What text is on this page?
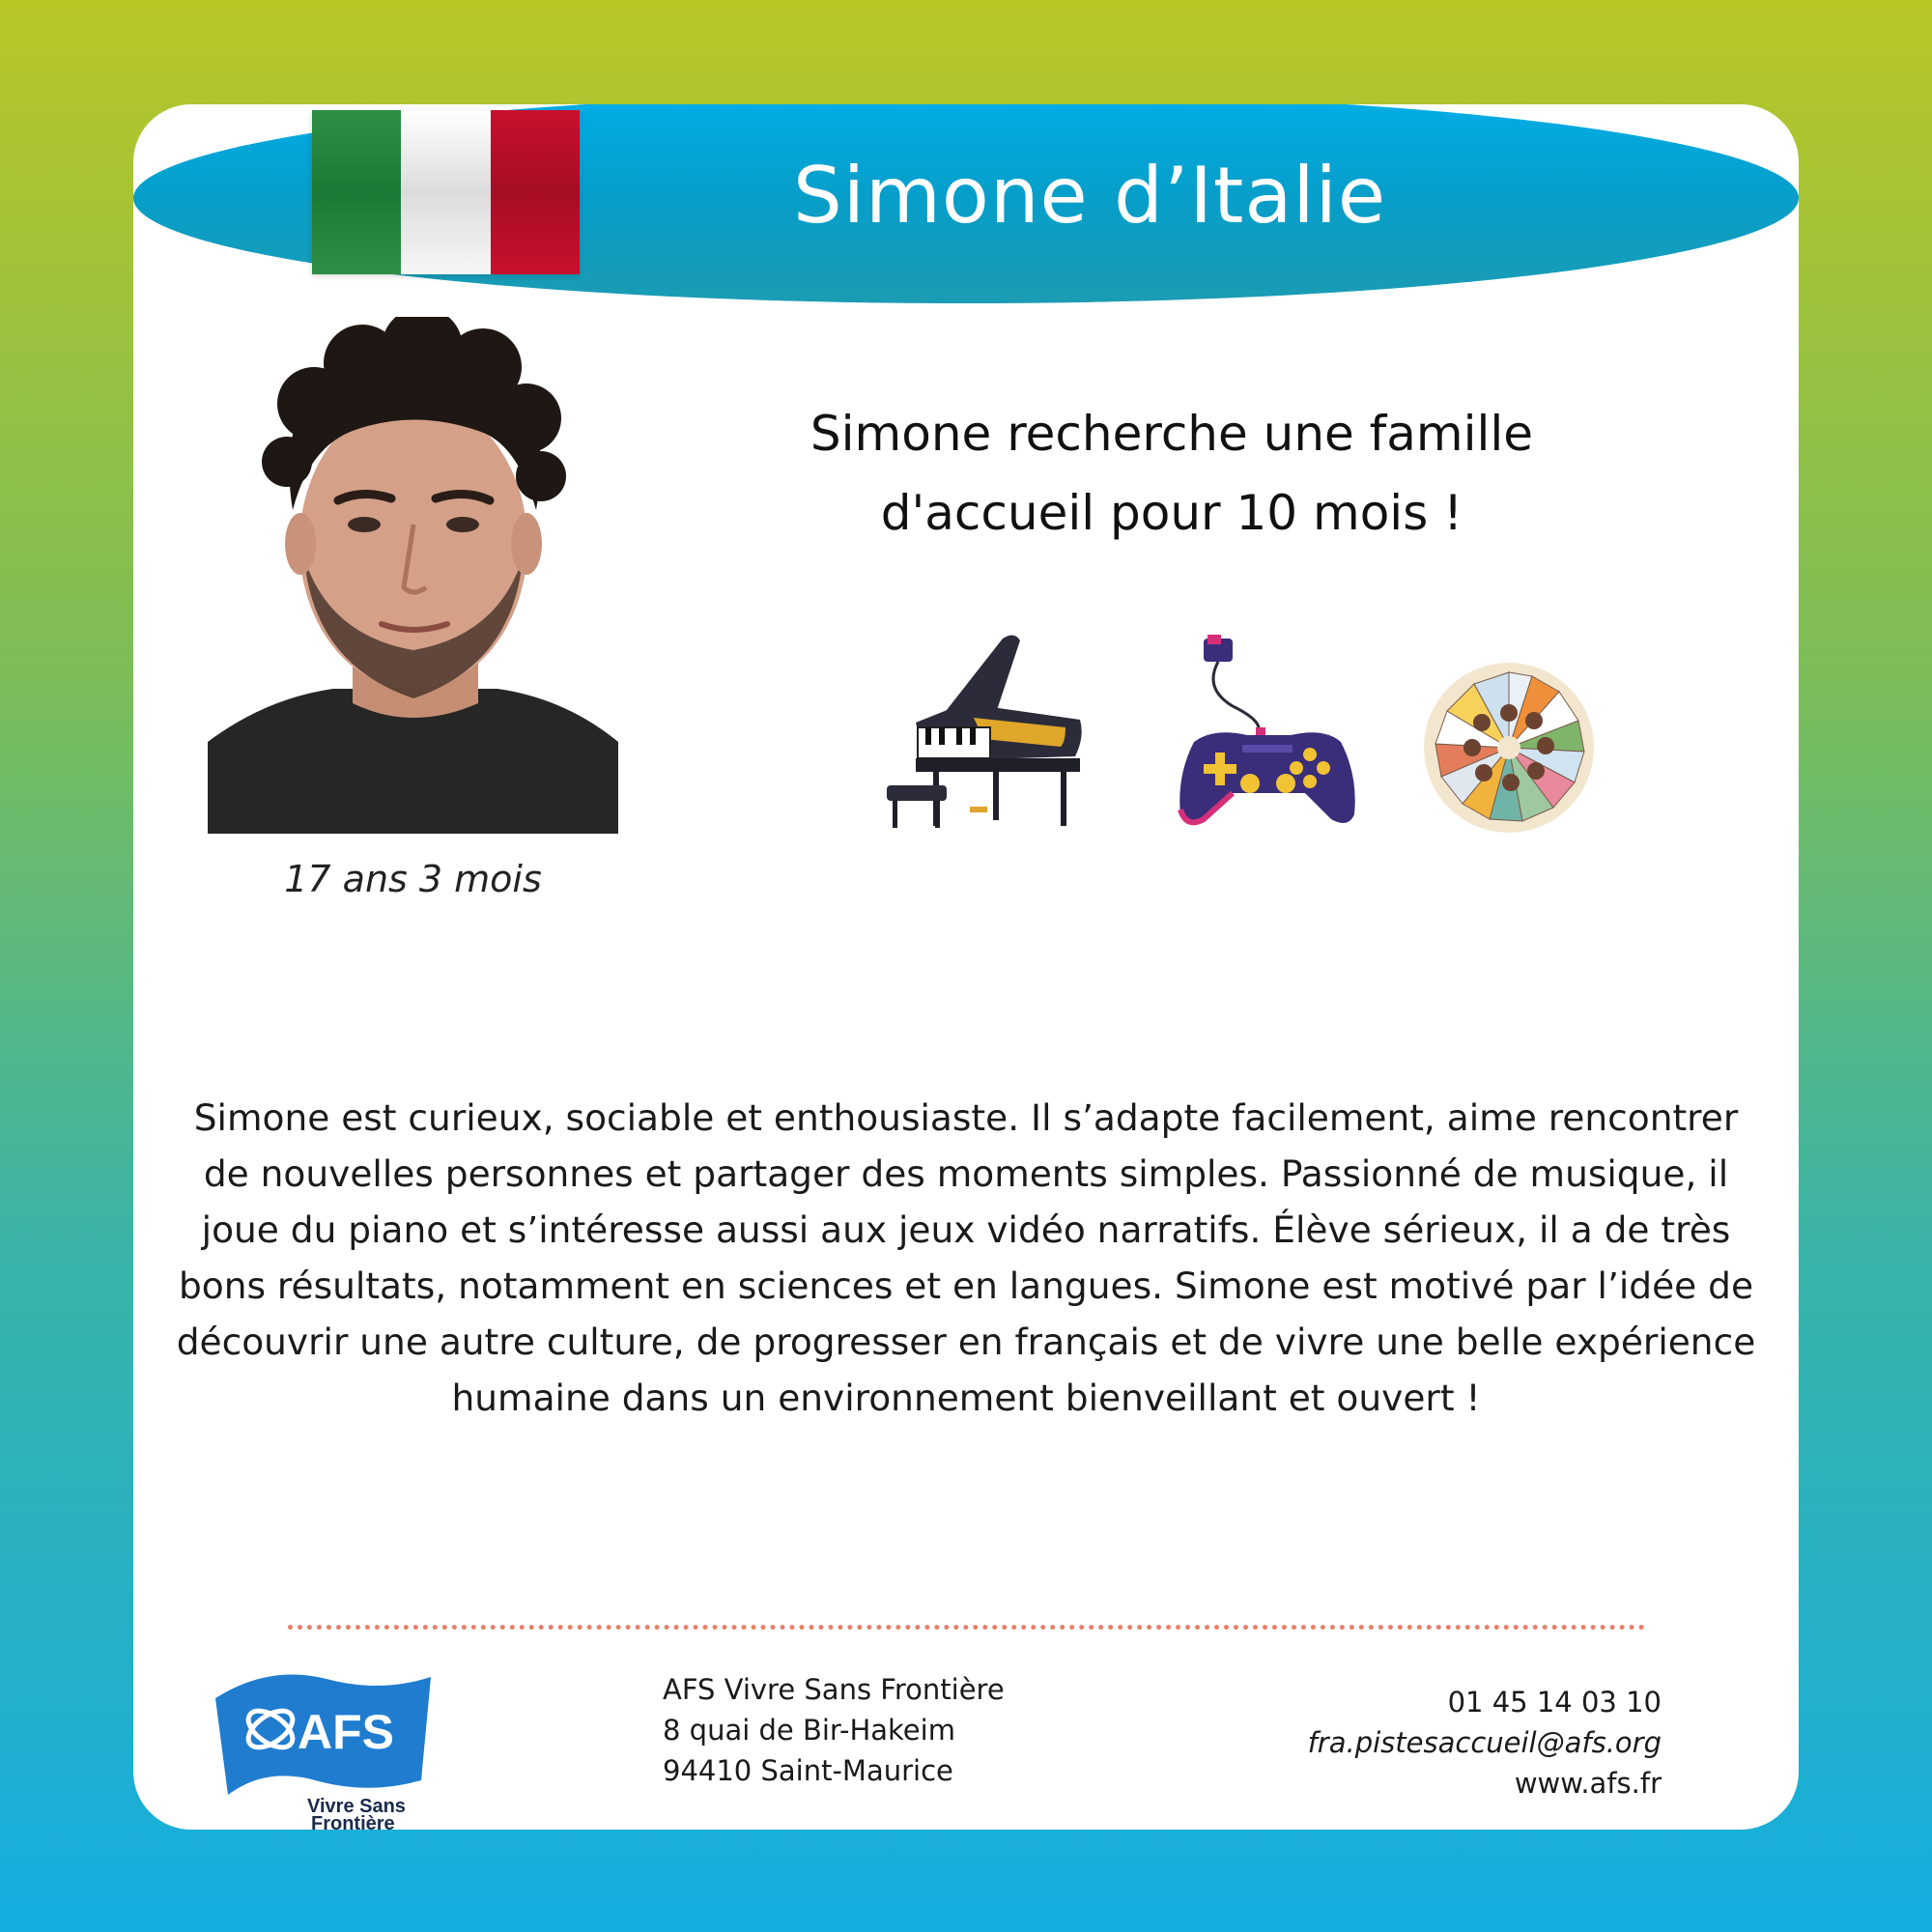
Simone d’Italie
17 ans 3 mois
Simone recherche une famille
d'accueil pour 10 mois !
Simone est curieux, sociable et enthousiaste. Il s’adapte facilement, aime rencontrer de nouvelles personnes et partager des moments simples. Passionné de musique, il joue du piano et s’intéresse aussi aux jeux vidéo narratifs. Élève sérieux, il a de très bons résultats, notamment en sciences et en langues. Simone est motivé par l’idée de découvrir une autre culture, de progresser en français et de vivre une belle expérience humaine dans un environnement bienveillant et ouvert !
AFS
Vivre Sans
Frontière
AFS Vivre Sans Frontière
8 quai de Bir-Hakeim
94410 Saint-Maurice
01 45 14 03 10
fra.pistesaccueil@afs.org
www.afs.fr
